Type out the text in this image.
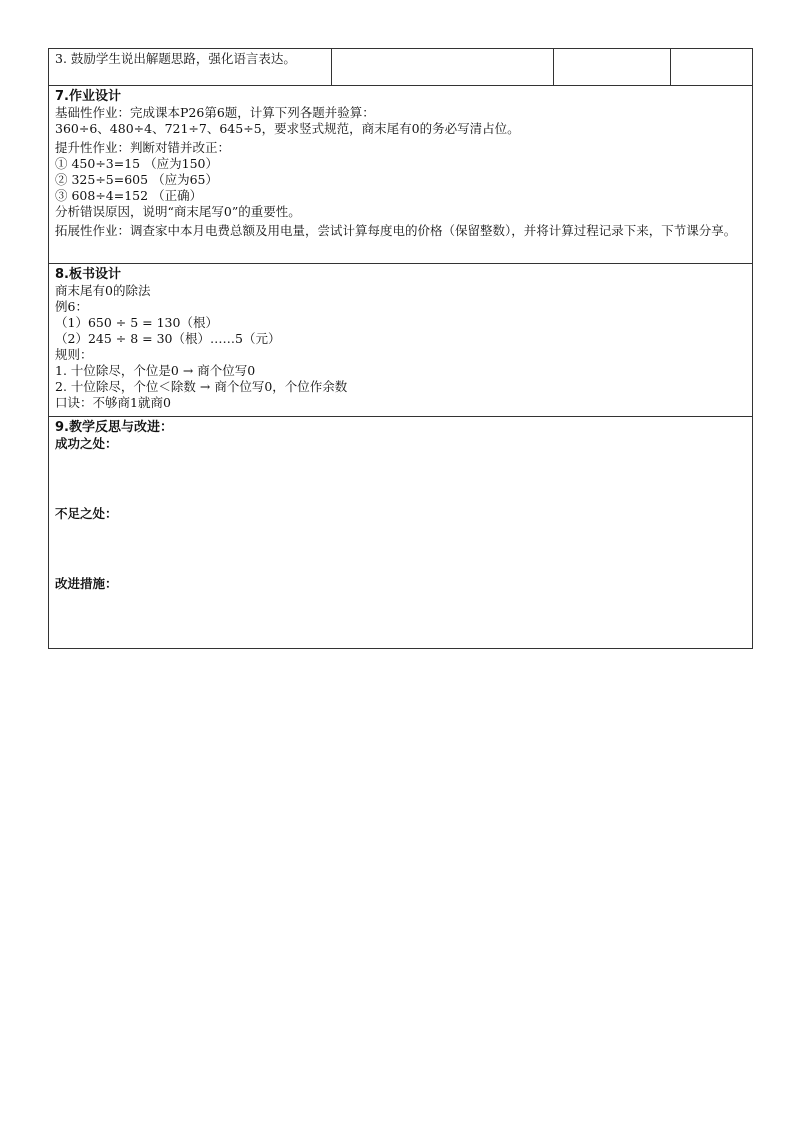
3. 鼓励学生说出解题思路，强化语言表达。			

7.作业设计
基础性作业：完成课本P26第6题，计算下列各题并验算：
360÷6、480÷4、721÷7、645÷5，要求竖式规范，商末尾有0的务必写清占位。
提升性作业：判断对错并改正：
① 450÷3=15 （应为150）
② 325÷5=605 （应为65）
③ 608÷4=152 （正确）
分析错误原因，说明“商末尾写0”的重要性。
拓展性作业：调查家中本月电费总额及用电量，尝试计算每度电的价格（保留整数），并将计算过程记录下来，下节课分享。

8.板书设计
商末尾有0的除法
例6：
（1）650 ÷ 5 = 130（根）
（2）245 ÷ 8 = 30（根）……5（元）
规则：
1. 十位除尽，个位是0 → 商个位写0
2. 十位除尽，个位＜除数 → 商个位写0，个位作余数
口诀：不够商1就商0

9.教学反思与改进：
成功之处：
不足之处：
改进措施：
